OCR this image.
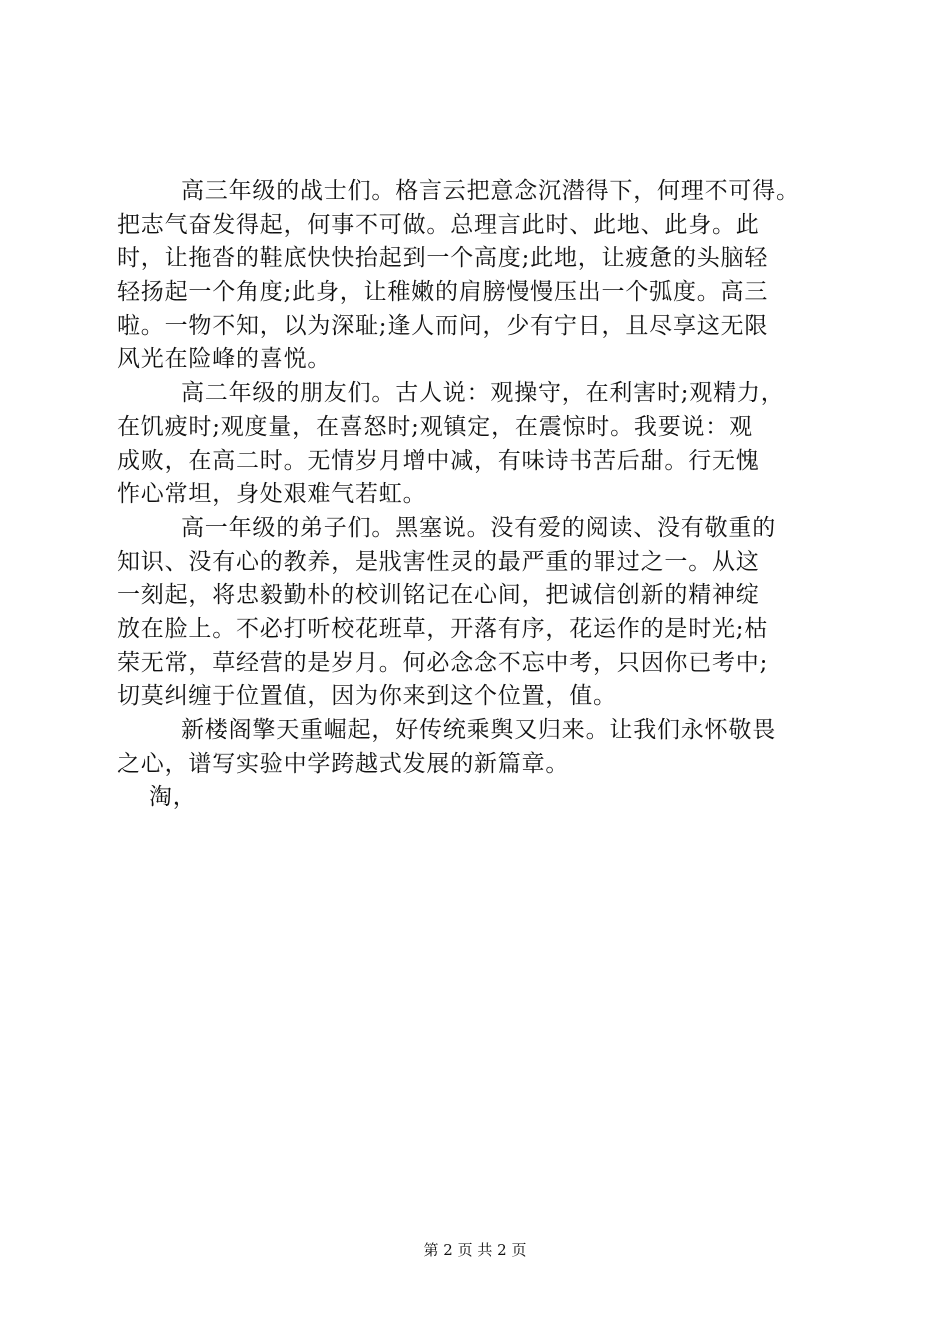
高三年级的战士们。格言云把意念沉潜得下，何理不可得。
把志气奋发得起，何事不可做。总理言此时、此地、此身。此
时，让拖沓的鞋底快快抬起到一个高度;此地，让疲惫的头脑轻
轻扬起一个角度;此身，让稚嫩的肩膀慢慢压出一个弧度。高三
啦。一物不知，以为深耻;逢人而问，少有宁日，且尽享这无限
风光在险峰的喜悦。
高二年级的朋友们。古人说：观操守，在利害时;观精力，
在饥疲时;观度量，在喜怒时;观镇定，在震惊时。我要说：观
成败，在高二时。无情岁月增中减，有味诗书苦后甜。行无愧
怍心常坦，身处艰难气若虹。
高一年级的弟子们。黑塞说。没有爱的阅读、没有敬重的
知识、没有心的教养，是戕害性灵的最严重的罪过之一。从这
一刻起，将忠毅勤朴的校训铭记在心间，把诚信创新的精神绽
放在脸上。不必打听校花班草，开落有序，花运作的是时光;枯
荣无常，草经营的是岁月。何必念念不忘中考，只因你已考中;
切莫纠缠于位置值，因为你来到这个位置，值。
新楼阁擎天重崛起，好传统乘舆又归来。让我们永怀敬畏
之心，谱写实验中学跨越式发展的新篇章。
淘，
第 2 页 共 2 页
